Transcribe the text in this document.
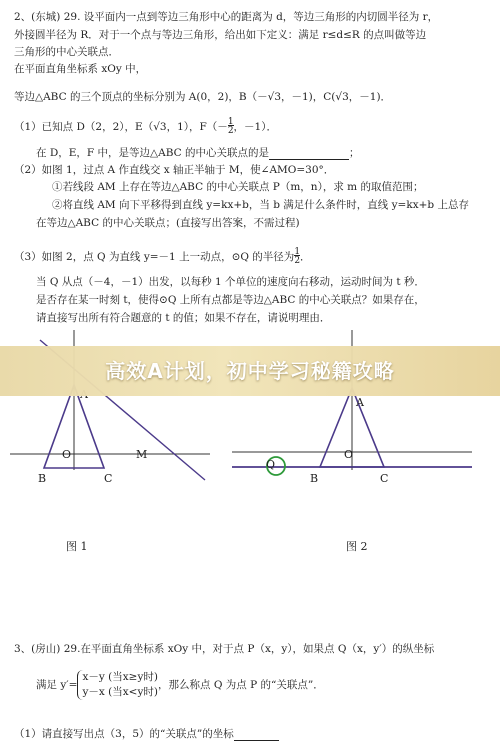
2、(东城) 29. 设平面内一点到等边三角形中心的距离为 d，等边三角形的内切圆半径为 r，
外接圆半径为 R．对于一个点与等边三角形，给出如下定义：满足 r≤d≤R 的点叫做等边
三角形的中心关联点．
在平面直角坐标系 xOy 中，
等边△ABC 的三个顶点的坐标分别为 A(0，2)，B（－√3，－1)，C(√3，－1)．
（1）已知点 D（2，2），E（√3，1），$F(-\frac{1}{2}$，－1）．
在 D，E，F 中，是等边△ABC 的中心关联点的是	；
（2）如图 1，过点 A 作直线交 x 轴正半轴于 M，使∠AMO=30°．
①若线段 AM 上存在等边△ABC 的中心关联点 P（m，n），求 m 的取值范围；
②将直线 AM 向下平移得到直线 y=kx+b，当 b 满足什么条件时，直线 y=kx+b 上总存
在等边△ABC 的中心关联点；(直接写出答案，不需过程)
（3）如图 2，点 Q 为直线 y=－1 上一动点，⊙Q 的半径为$\frac{1}{2}$．
当 Q 从点（－4，－1）出发，以每秒 1 个单位的速度向右移动，运动时间为 t 秒．
是否存在某一时刻 t，使得⊙Q 上所有点都是等边△ABC 的中心关联点？如果存在，
请直接写出所有符合题意的 t 的值；如果不存在，请说明理由．
O	M
B	C
图 1
A
O
Q
B	C
图 2
高效A计划，初中学习秘籍攻略
3、(房山) 29.在平面直角坐标系 xOy 中，对于点 P（x，y），如果点 Q（x，y′）的纵坐标
满足 y′=x－y (当x≥y时)
y－x (当x<y时)，那么称点 Q 为点 P 的“关联点”．
（1）请直接写出点（3，5）的“关联点”的坐标
